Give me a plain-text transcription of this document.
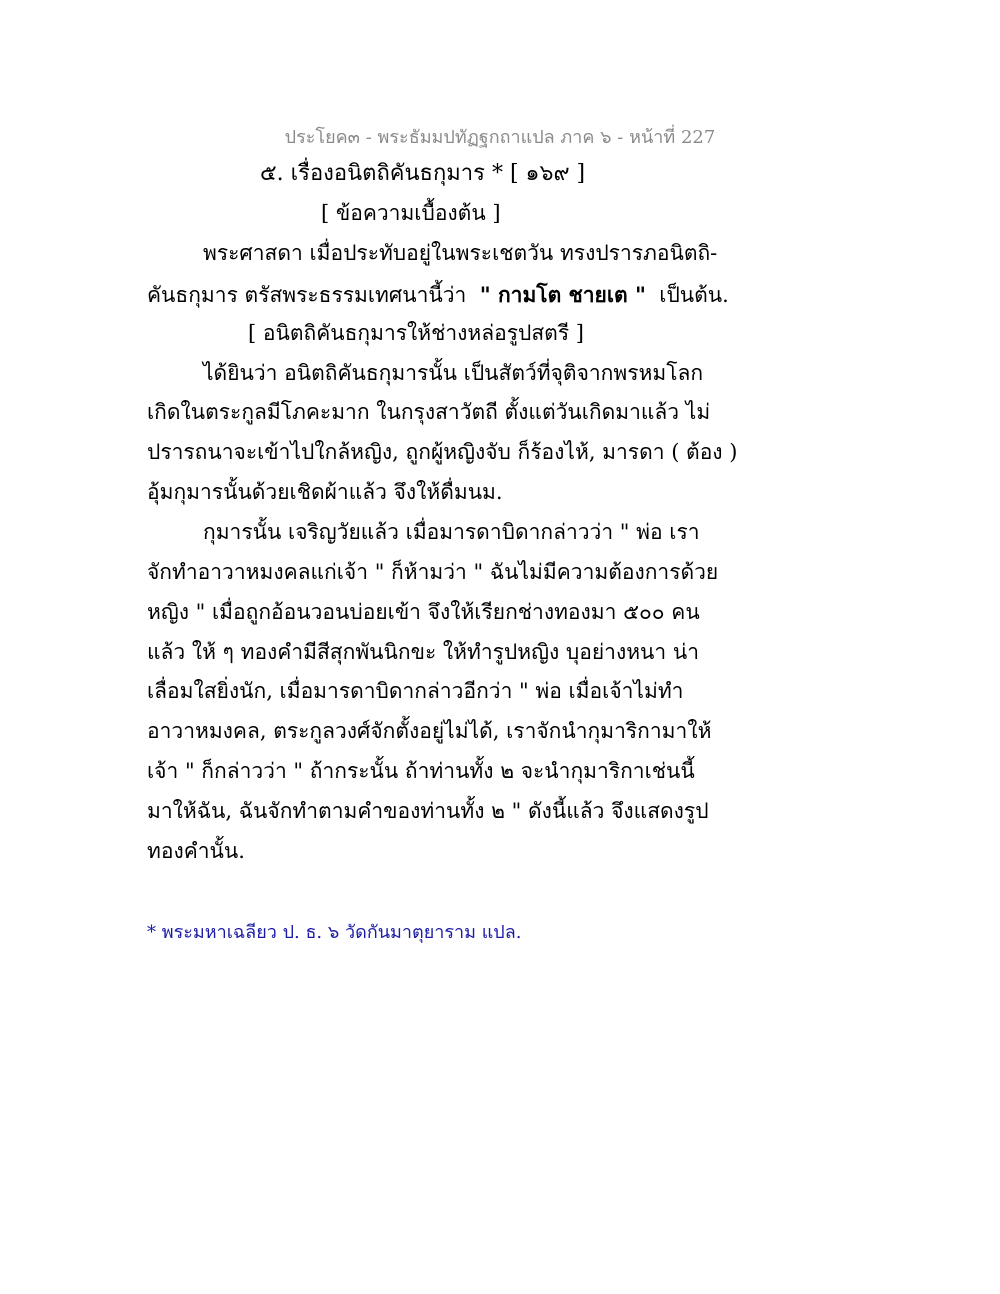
ประโยค๓ - พระธัมมปทัฏฐกถาแปล ภาค ๖ - หน้าที่ 227
๕. เรื่องอนิตถิคันธกุมาร * [ ๑๖๙ ]
[ ข้อความเบื้องต้น ]
พระศาสดา เมื่อประทับอยู่ในพระเชตวัน ทรงปรารภอนิตถิ-
คันธกุมาร ตรัสพระธรรมเทศนานี้ว่า " กามโต ชายเต " เป็นต้น.
[ อนิตถิคันธกุมารให้ช่างหล่อรูปสตรี ]
ได้ยินว่า อนิตถิคันธกุมารนั้น เป็นสัตว์ที่จุติจากพรหมโลก
เกิดในตระกูลมีโภคะมาก ในกรุงสาวัตถี ตั้งแต่วันเกิดมาแล้ว ไม่
ปรารถนาจะเข้าไปใกล้หญิง, ถูกผู้หญิงจับ ก็ร้องไห้, มารดา ( ต้อง )
อุ้มกุมารนั้นด้วยเชิดผ้าแล้ว จึงให้ดื่มนม.
กุมารนั้น เจริญวัยแล้ว เมื่อมารดาบิดากล่าวว่า " พ่อ เรา
จักทำอาวาหมงคลแก่เจ้า " ก็ห้ามว่า " ฉันไม่มีความต้องการด้วย
หญิง " เมื่อถูกอ้อนวอนบ่อยเข้า จึงให้เรียกช่างทองมา ๕๐๐ คน
แล้ว ให้ ๆ ทองคำมีสีสุกพันนิกขะ ให้ทำรูปหญิง บุอย่างหนา น่า
เลื่อมใสยิ่งนัก, เมื่อมารดาบิดากล่าวอีกว่า " พ่อ เมื่อเจ้าไม่ทำ
อาวาหมงคล, ตระกูลวงศ์จักตั้งอยู่ไม่ได้, เราจักนำกุมาริกามาให้
เจ้า " ก็กล่าวว่า " ถ้ากระนั้น ถ้าท่านทั้ง ๒ จะนำกุมาริกาเช่นนี้
มาให้ฉัน, ฉันจักทำตามคำของท่านทั้ง ๒ " ดังนี้แล้ว จึงแสดงรูป
ทองคำนั้น.
* พระมหาเฉลียว ป. ธ. ๖ วัดกันมาตุยาราม แปล.
